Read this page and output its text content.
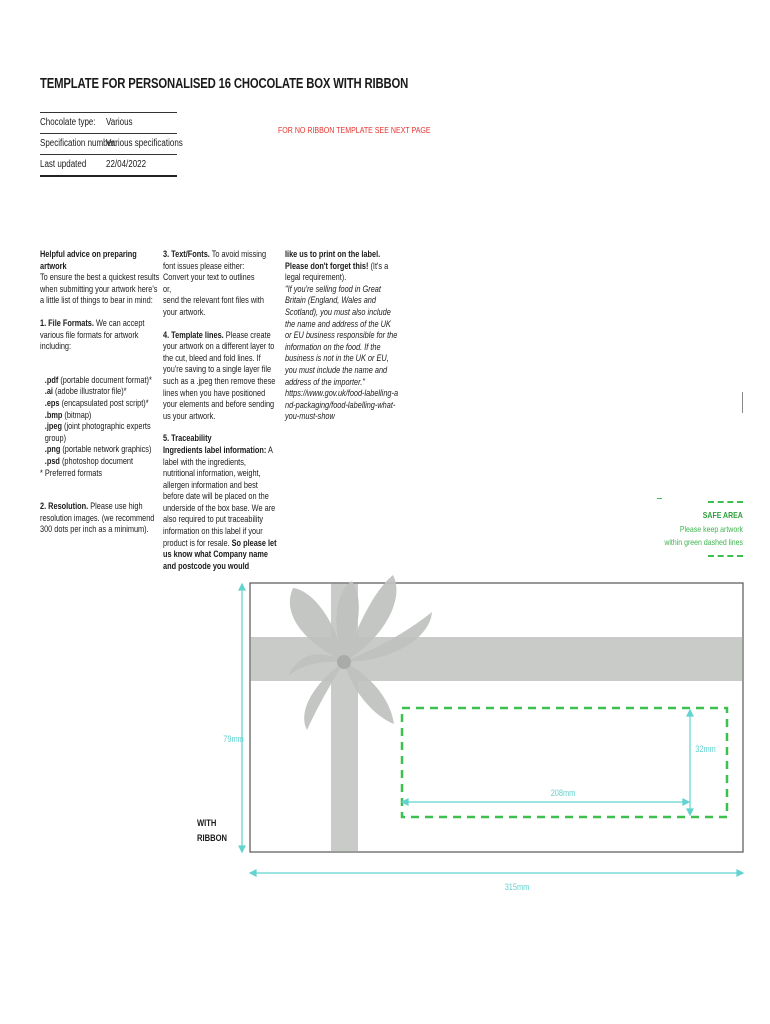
TEMPLATE FOR PERSONALISED 16 CHOCOLATE BOX WITH RIBBON
Chocolate type: Various
Specification number:
Various specifications
Last updated 22/04/2022
FOR NO RIBBON TEMPLATE SEE NEXT PAGE

Helpful advice on preparing artwork

To ensure the best a quickest results when submitting your artwork here's a little list of things to bear in mind:

1. File Formats. We can accept various file formats for artwork including:

.pdf (portable document format)*

.ai (adobe illustrator file)*

.eps (encapsulated post script)*

.bmp (bitmap)

.jpeg (joint photographic experts group)

.png (portable network graphics)

.psd (photoshop document

* Preferred formats

2. Resolution. Please use high resolution images. (we recommend 300 dots per inch as a minimum).

3. Text/Fonts. To avoid missing font issues please either:

Convert your text to outlines

or,

send the relevant font files with your artwork.

4. Template lines. Please create your artwork on a different layer to the cut, bleed and fold lines. If you're saving to a single layer file such as a .jpeg then remove these lines when you have positioned your elements and before sending us your artwork.

5. Traceability

Ingredients label information: A label with the ingredients, nutritional information, weight, allergen information and best before date will be placed on the underside of the box base. We are also required to put traceability information on this label if your product is for resale. So please let us know what Company name and postcode you would

like us to print on the label. Please don't forget this! (It's a legal requirement).

"If you're selling food in Great Britain (England, Wales and Scotland), you must also include the name and address of the UK or EU business responsible for the information on the food. If the business is not in the UK or EU, you must include the name and address of the importer."

https://www.gov.uk/food-labelling-and-packaging/food-labelling-what-you-must-show

SAFE AREA
Please keep artwork within green dashed lines
79mm
315mm
208mm
32mm
WITH RIBBON
